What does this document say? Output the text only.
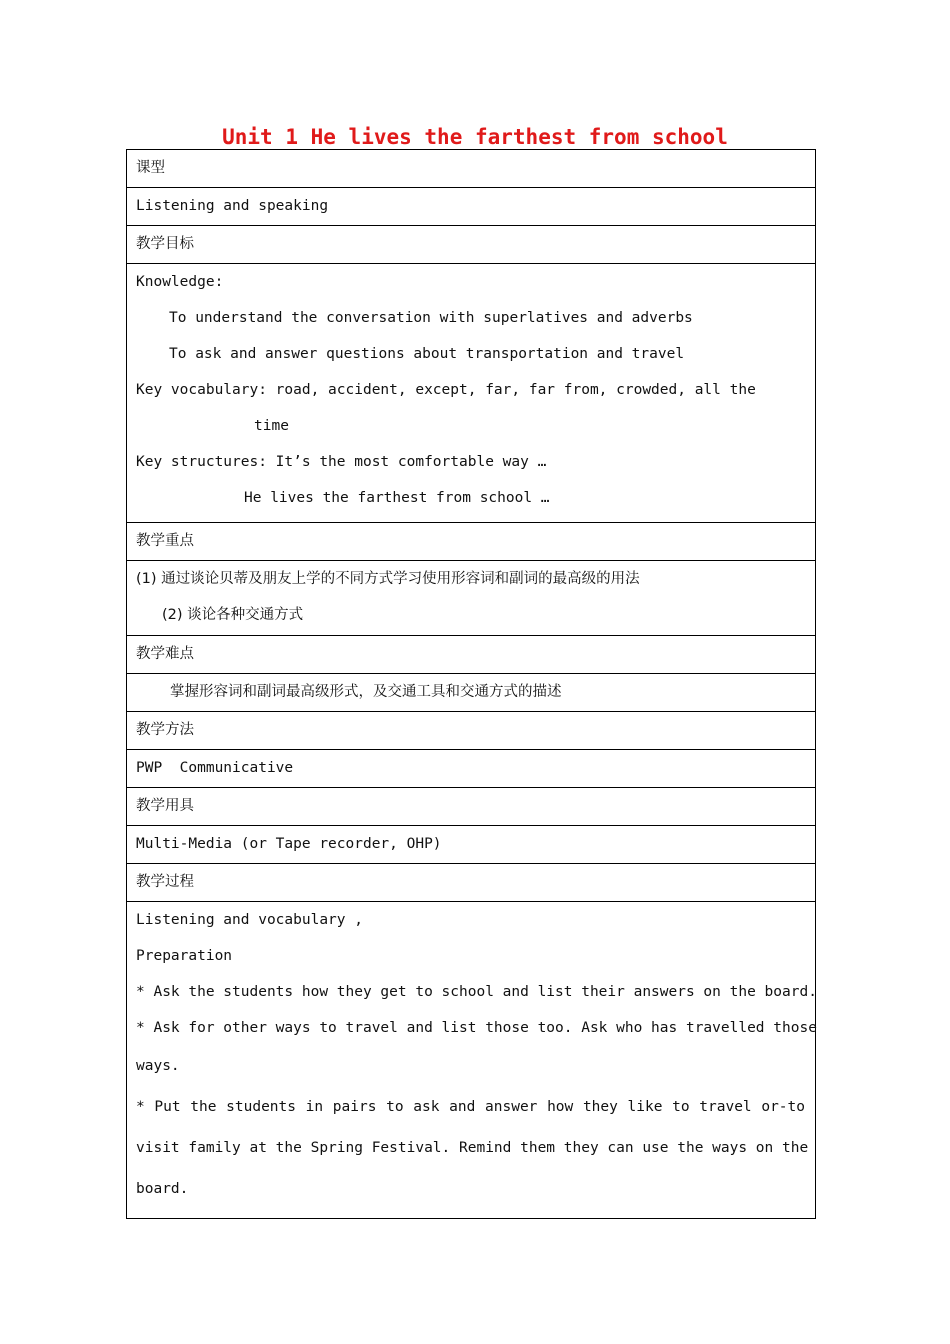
Unit 1 He lives the farthest from school
课型
Listening and speaking
教学目标

Knowledge:
To understand the conversation with superlatives and adverbs
To ask and answer questions about transportation and travel
Key vocabulary: road, accident, except, far, far from, crowded, all the
time
Key structures: It’s the most comfortable way …
He lives the farthest from school …

教学重点

(1) 通过谈论贝蒂及朋友上学的不同方式学习使用形容词和副词的最高级的用法
(2) 谈论各种交通方式

教学难点
掌握形容词和副词最高级形式，及交通工具和交通方式的描述
教学方法
PWP  Communicative
教学用具
Multi-Media (or Tape recorder, OHP)
教学过程

Listening and vocabulary ,
Preparation
* Ask the students how they get to school and list their answers on the board.
* Ask for other ways to travel and list those too. Ask who has travelled those
ways.
* Put the students in pairs to ask and answer how they like to travel or-to
visit family at the Spring Festival. Remind them they can use the ways on the
board.
